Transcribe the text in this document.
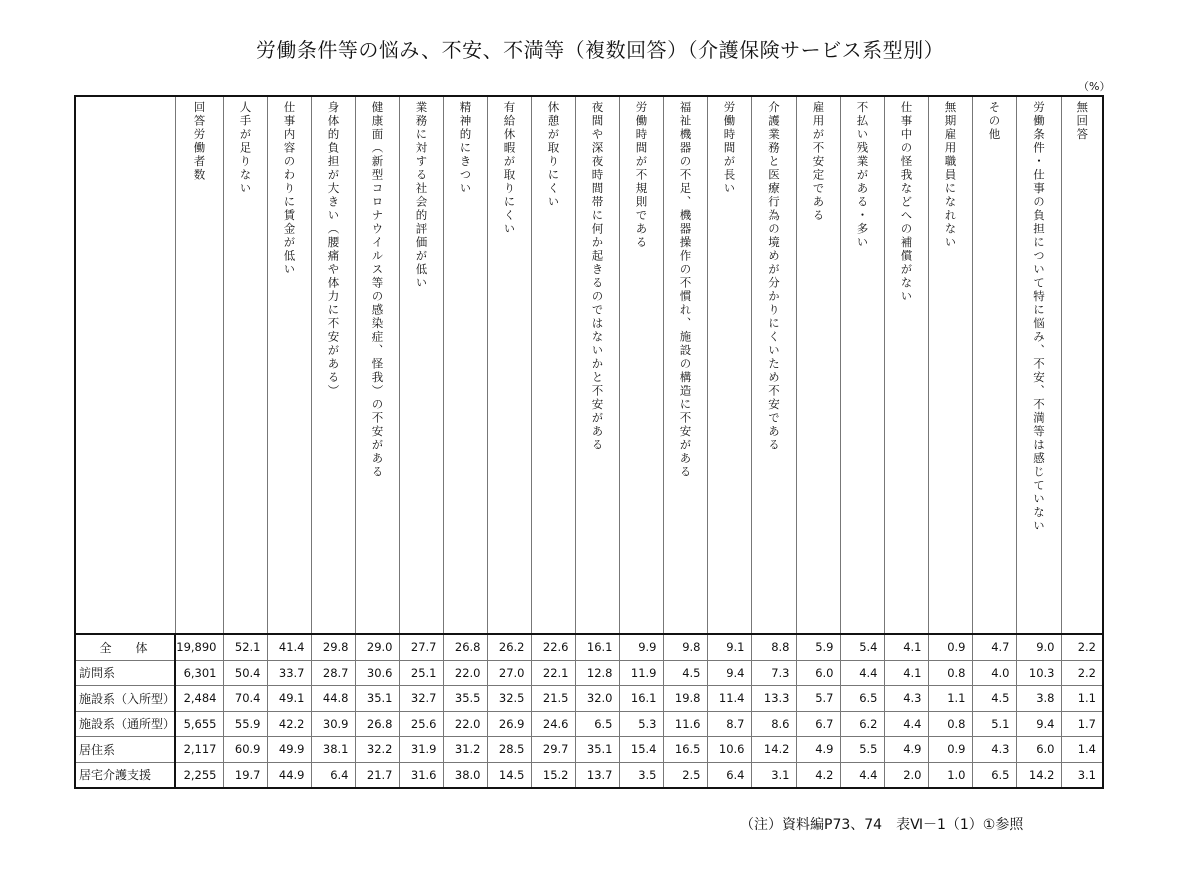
労働条件等の悩み、不安、不満等（複数回答）（介護保険サービス系型別）
（%）

	回答労働者数	人手が足りない	仕事内容のわりに賃金が低い	身体的負担が大きい（腰痛や体力に不安がある）	健康面（新型コロナウイルス等の感染症、怪我）の不安がある	業務に対する社会的評価が低い	精神的にきつい	有給休暇が取りにくい	休憩が取りにくい	夜間や深夜時間帯に何か起きるのではないかと不安がある	労働時間が不規則である	福祉機器の不足、機器操作の不慣れ、施設の構造に不安がある	労働時間が長い	介護業務と医療行為の境めが分かりにくいため不安である	雇用が不安定である	不払い残業がある・多い	仕事中の怪我などへの補償がない	無期雇用職員になれない	その他	労働条件・仕事の負担について特に悩み、不安、不満等は感じていない	無回答

全　体	19,890	52.1	41.4	29.8	29.0	27.7	26.8	26.2	22.6	16.1	9.9	9.8	9.1	8.8	5.9	5.4	4.1	0.9	4.7	9.0	2.2
訪問系	6,301	50.4	33.7	28.7	30.6	25.1	22.0	27.0	22.1	12.8	11.9	4.5	9.4	7.3	6.0	4.4	4.1	0.8	4.0	10.3	2.2
施設系（入所型）	2,484	70.4	49.1	44.8	35.1	32.7	35.5	32.5	21.5	32.0	16.1	19.8	11.4	13.3	5.7	6.5	4.3	1.1	4.5	3.8	1.1
施設系（通所型）	5,655	55.9	42.2	30.9	26.8	25.6	22.0	26.9	24.6	6.5	5.3	11.6	8.7	8.6	6.7	6.2	4.4	0.8	5.1	9.4	1.7
居住系	2,117	60.9	49.9	38.1	32.2	31.9	31.2	28.5	29.7	35.1	15.4	16.5	10.6	14.2	4.9	5.5	4.9	0.9	4.3	6.0	1.4
居宅介護支援	2,255	19.7	44.9	6.4	21.7	31.6	38.0	14.5	15.2	13.7	3.5	2.5	6.4	3.1	4.2	4.4	2.0	1.0	6.5	14.2	3.1
（注）資料編P73、74　表Ⅵ－1（1）①参照
